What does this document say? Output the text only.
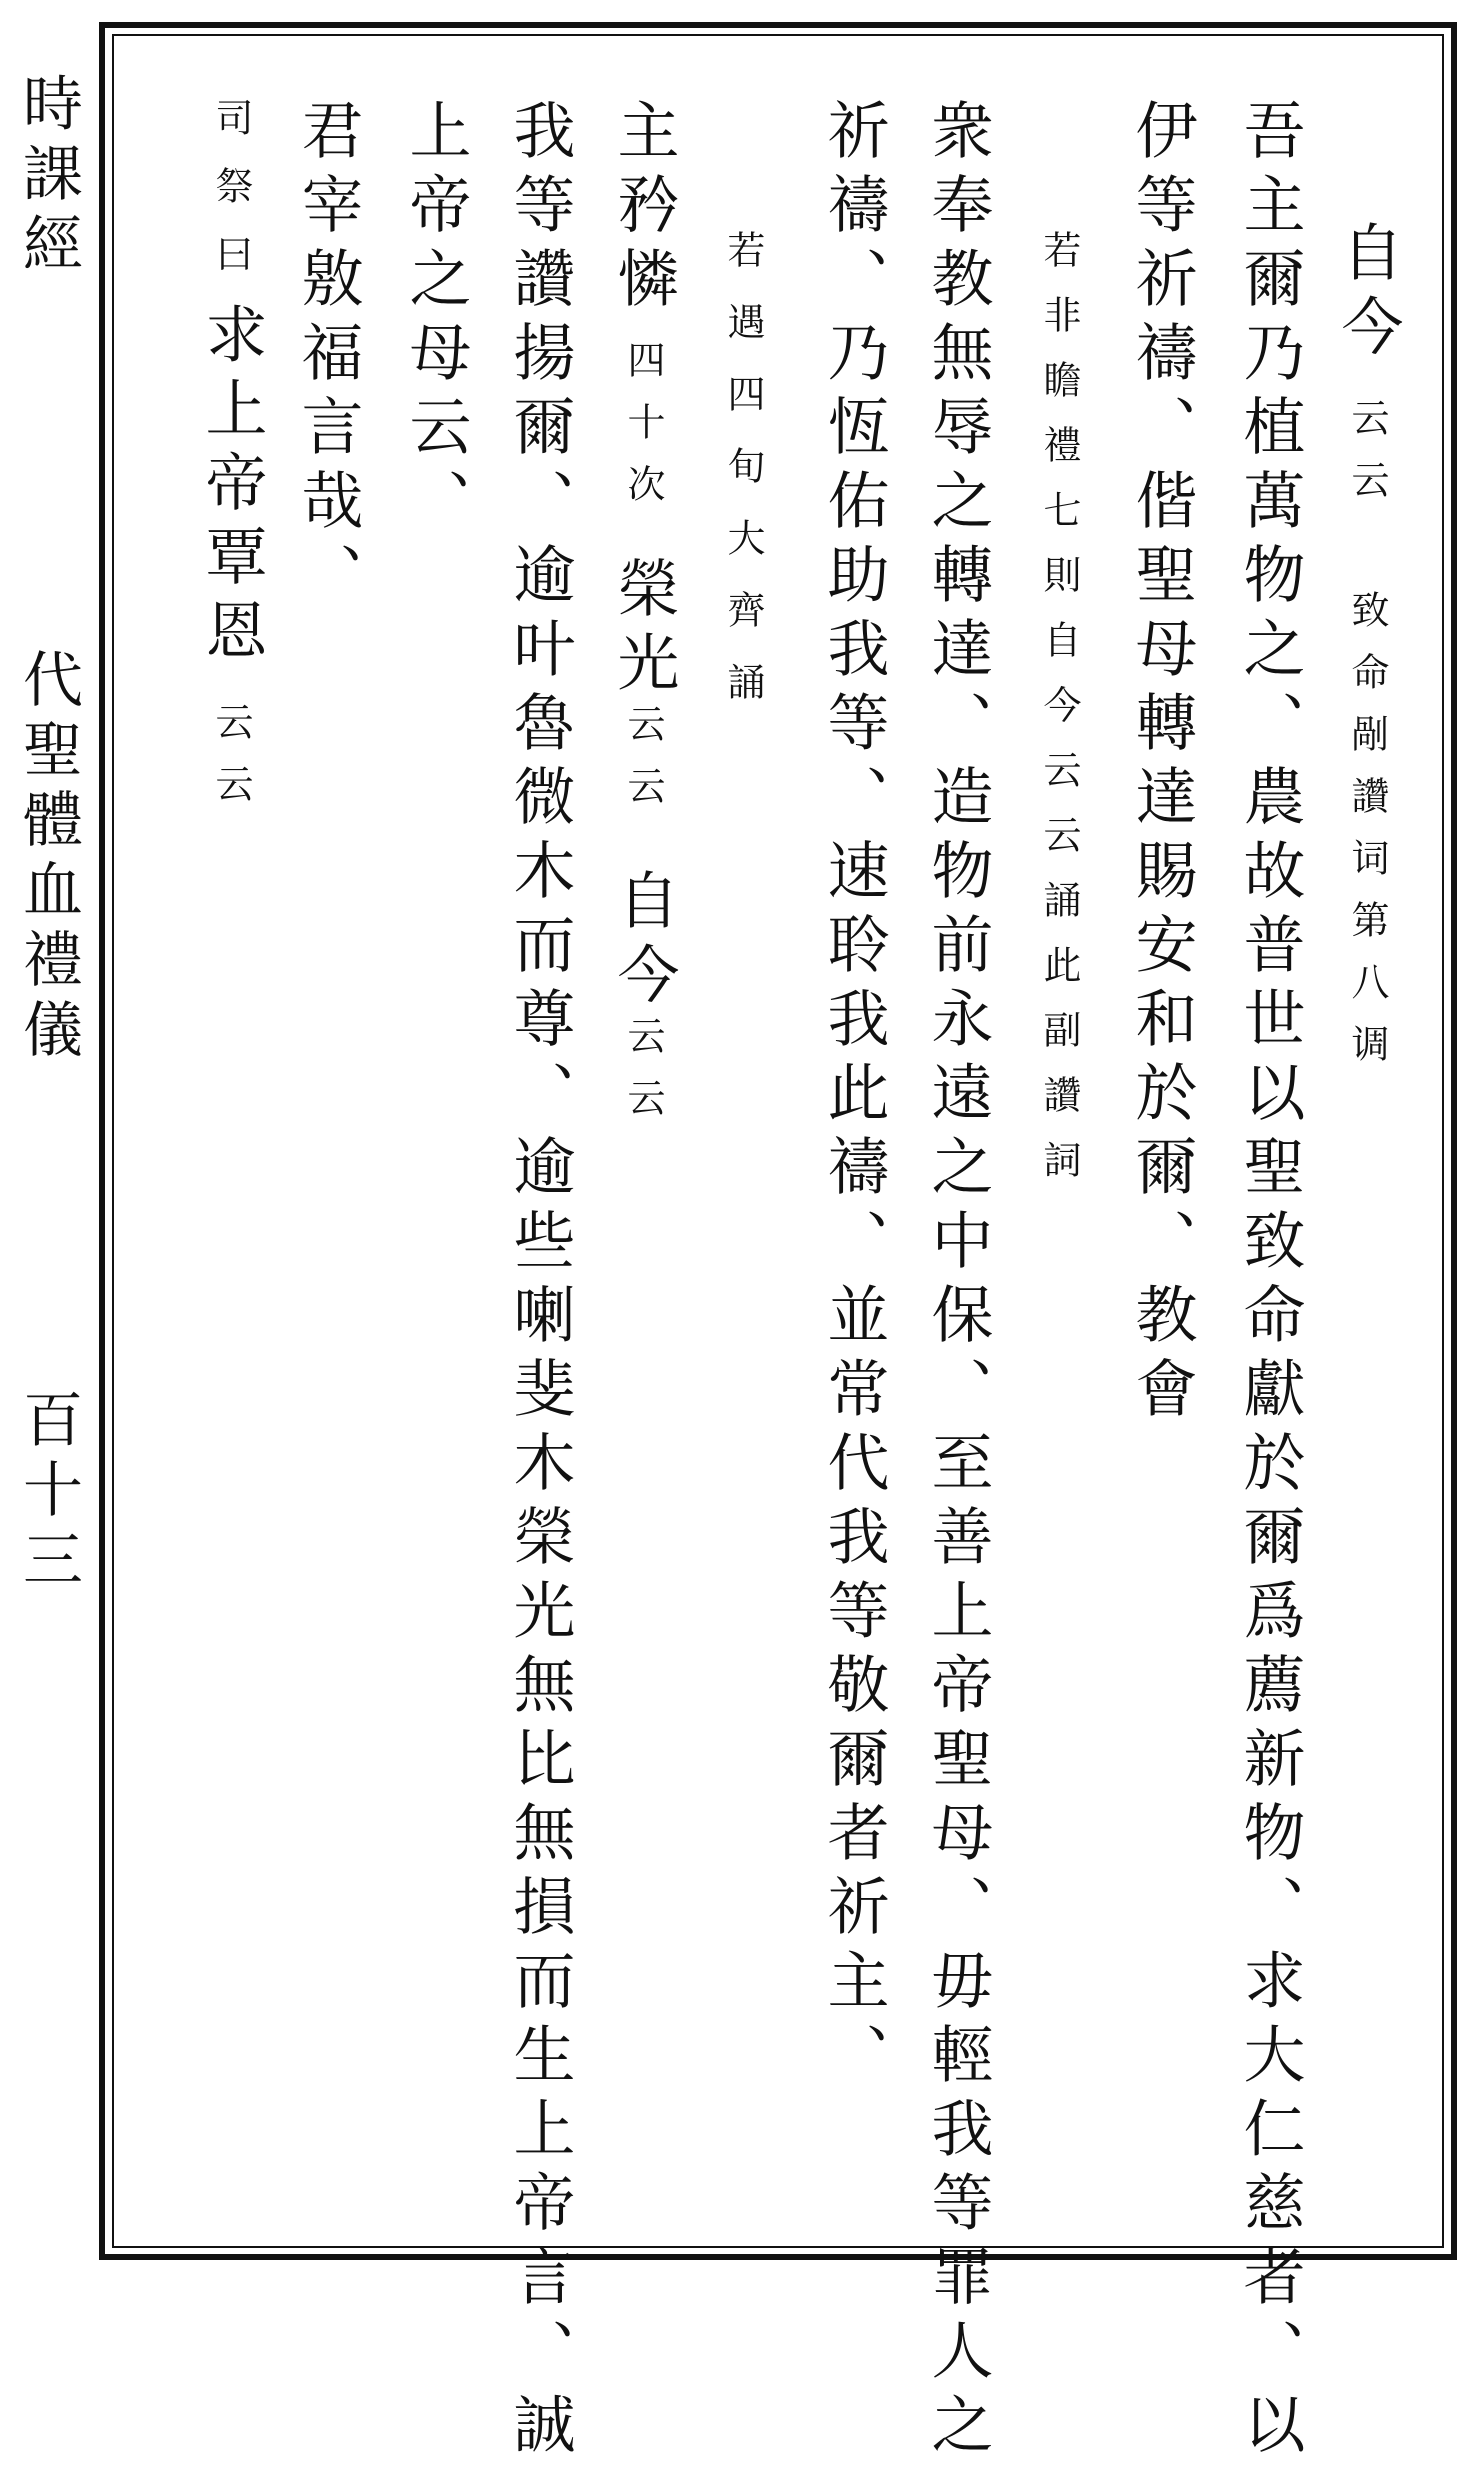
自今云云 致命剮讚词第八调
吾主爾乃植萬物之、農故普世以聖致命獻於爾爲薦新物、求大仁慈者、以
伊等祈禱、偕聖母轉達賜安和於爾、教會
若非瞻禮七則自今云云誦此副讚詞
衆奉教無辱之轉達、造物前永遠之中保、至善上帝聖母、毋輕我等罪人之
祈禱、乃恆佑助我等、速聆我此禱、並常代我等敬爾者祈主、
若遇四旬大齊誦
主矜憐四十次榮光云云自今云云
我等讚揚爾、逾叶魯微木而尊、逾些喇斐木榮光無比無損而生上帝言、誠
上帝之母云、
君宰敫福言哉、
司祭曰求上帝覃恩云云
時課經
代聖體血禮儀
百十三
